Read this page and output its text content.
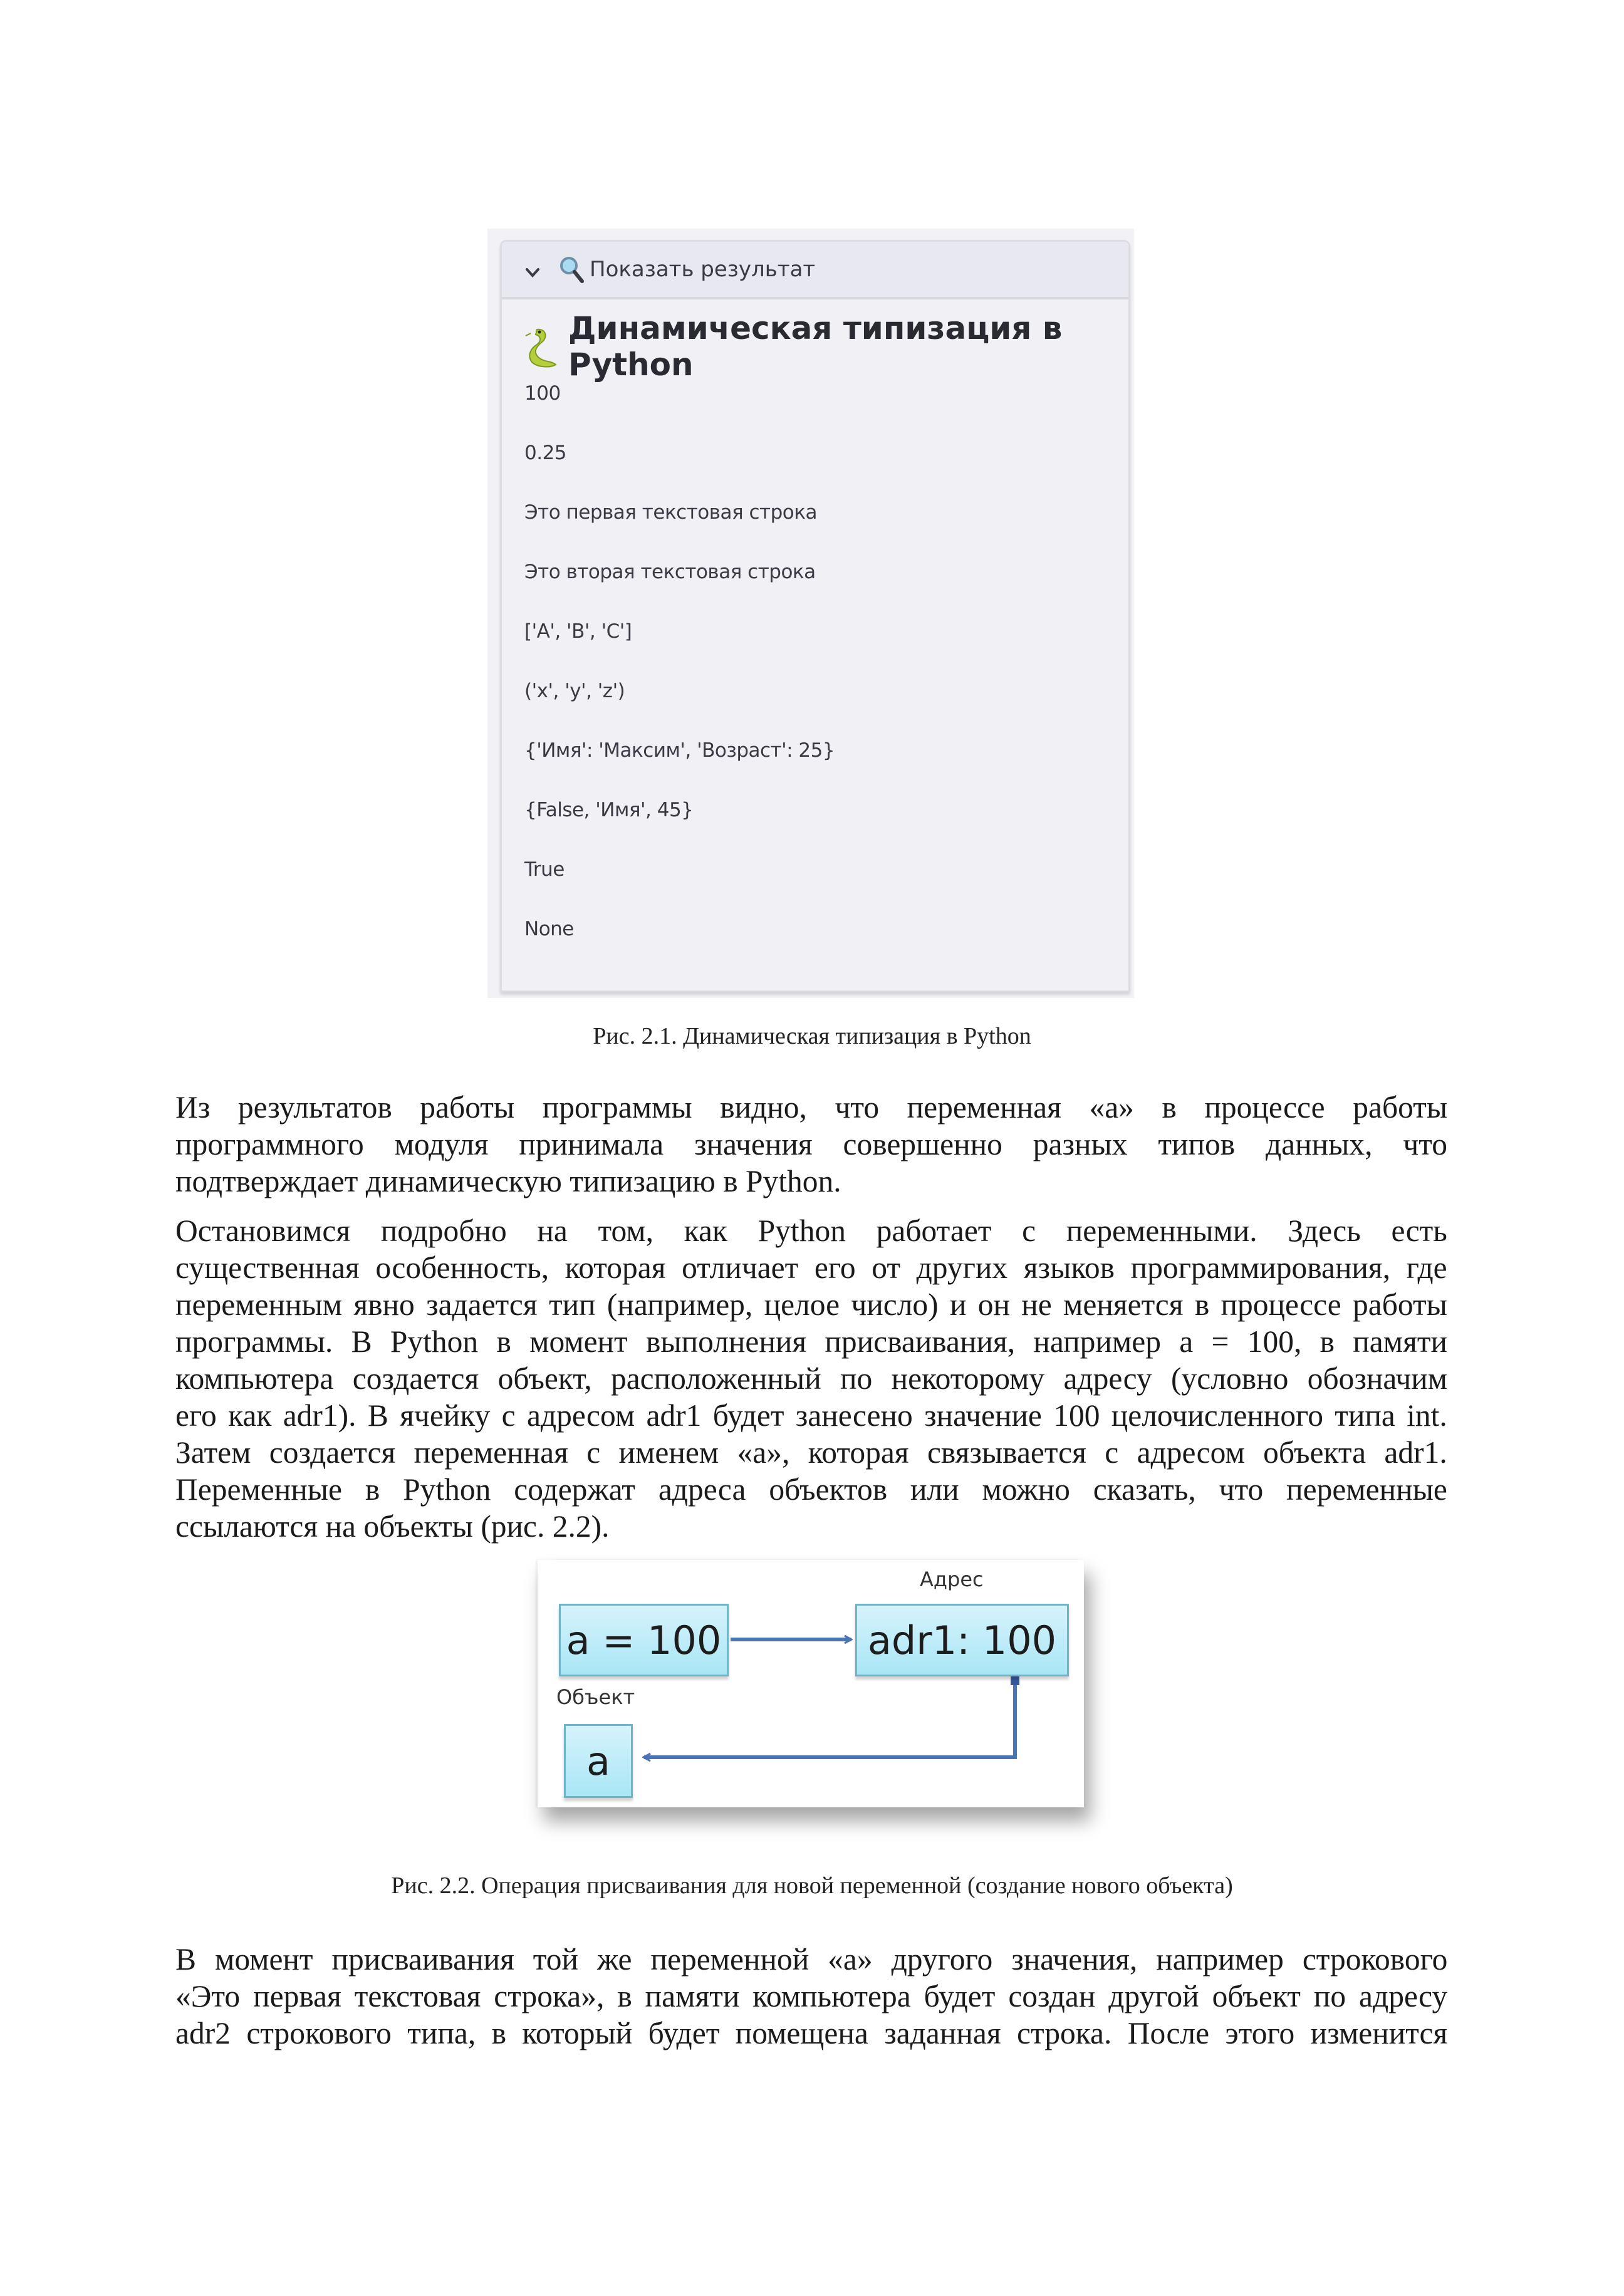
Показать результат
Динамическая типизация в Python
100
0.25
Это первая текстовая строка
Это вторая текстовая строка
['A', 'B', 'C']
('x', 'y', 'z')
{'Имя': 'Максим', 'Возраст': 25}
{False, 'Имя', 45}
True
None
Рис. 2.1. Динамическая типизация в Python
Из результатов работы программы видно, что переменная «а» в процессе работы
программного модуля принимала значения совершенно разных типов данных, что
подтверждает динамическую типизацию в Python.
Остановимся подробно на том, как Python работает с переменными. Здесь есть
существенная особенность, которая отличает его от других языков программирования, где
переменным явно задается тип (например, целое число) и он не меняется в процессе работы
программы. В Python в момент выполнения присваивания, например a = 100, в памяти
компьютера создается объект, расположенный по некоторому адресу (условно обозначим
его как adr1). В ячейку с адресом adr1 будет занесено значение 100 целочисленного типа int.
Затем создается переменная с именем «а», которая связывается с адресом объекта adr1.
Переменные в Python содержат адреса объектов или можно сказать, что переменные
ссылаются на объекты (рис. 2.2).
Адрес
a = 100	adr1: 100
Объект
a
Рис. 2.2. Операция присваивания для новой переменной (создание нового объекта)
В момент присваивания той же переменной «а» другого значения, например строкового
«Это первая текстовая строка», в памяти компьютера будет создан другой объект по адресу
adr2 строкового типа, в который будет помещена заданная строка. После этого изменится
